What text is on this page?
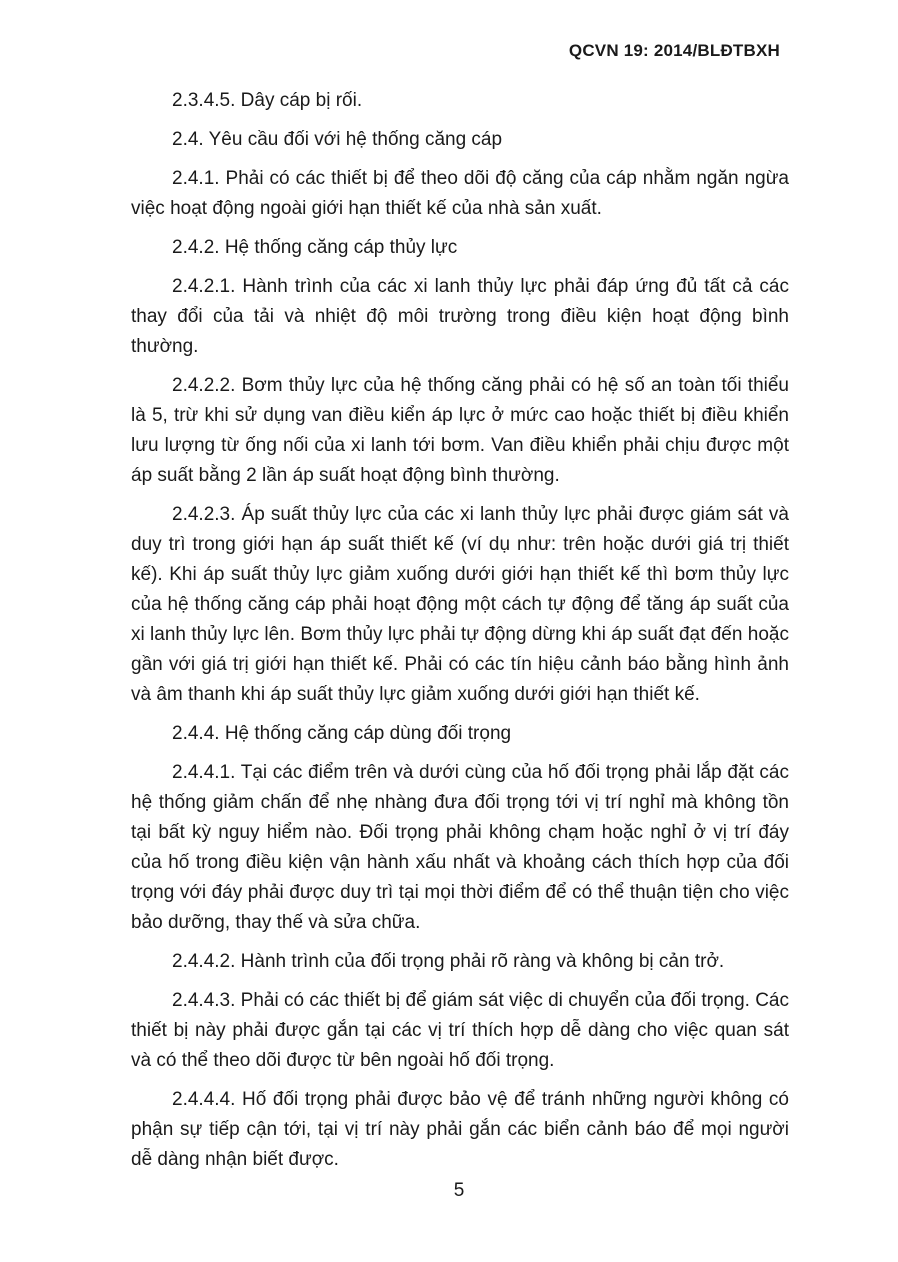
QCVN 19: 2014/BLĐTBXH

2.3.4.5. Dây cáp bị rối.

2.4. Yêu cầu đối với hệ thống căng cáp

2.4.1. Phải có các thiết bị để theo dõi độ căng của cáp nhằm ngăn ngừa việc hoạt động ngoài giới hạn thiết kế của nhà sản xuất.

2.4.2. Hệ thống căng cáp thủy lực

2.4.2.1. Hành trình của các xi lanh thủy lực phải đáp ứng đủ tất cả các thay đổi của tải và nhiệt độ môi trường trong điều kiện hoạt động bình thường.

2.4.2.2. Bơm thủy lực của hệ thống căng phải có hệ số an toàn tối thiểu là 5, trừ khi sử dụng van điều kiển áp lực ở mức cao hoặc thiết bị điều khiển lưu lượng từ ống nối của xi lanh tới bơm. Van điều khiển phải chịu được một áp suất bằng 2 lần áp suất hoạt động bình thường.

2.4.2.3. Áp suất thủy lực của các xi lanh thủy lực phải được giám sát và duy trì trong giới hạn áp suất thiết kế (ví dụ như: trên hoặc dưới giá trị thiết kế). Khi áp suất thủy lực giảm xuống dưới giới hạn thiết kế thì bơm thủy lực của hệ thống căng cáp phải hoạt động một cách tự động để tăng áp suất của xi lanh thủy lực lên. Bơm thủy lực phải tự động dừng khi áp suất đạt đến hoặc gần với giá trị giới hạn thiết kế. Phải có các tín hiệu cảnh báo bằng hình ảnh và âm thanh khi áp suất thủy lực giảm xuống dưới giới hạn thiết kế.

2.4.4. Hệ thống căng cáp dùng đối trọng

2.4.4.1. Tại các điểm trên và dưới cùng của hố đối trọng phải lắp đặt các hệ thống giảm chấn để nhẹ nhàng đưa đối trọng tới vị trí nghỉ mà không tồn tại bất kỳ nguy hiểm nào. Đối trọng phải không chạm hoặc nghỉ ở vị trí đáy của hố trong điều kiện vận hành xấu nhất và khoảng cách thích hợp của đối trọng với đáy phải được duy trì tại mọi thời điểm để có thể thuận tiện cho việc bảo dưỡng, thay thế và sửa chữa.

2.4.4.2. Hành trình của đối trọng phải rõ ràng và không bị cản trở.

2.4.4.3. Phải có các thiết bị để giám sát việc di chuyển của đối trọng. Các thiết bị này phải được gắn tại các vị trí thích hợp dễ dàng cho việc quan sát và có thể theo dõi được từ bên ngoài hố đối trọng.

2.4.4.4. Hố đối trọng phải được bảo vệ để tránh những người không có phận sự tiếp cận tới, tại vị trí này phải gắn các biển cảnh báo để mọi người dễ dàng nhận biết được.

5
